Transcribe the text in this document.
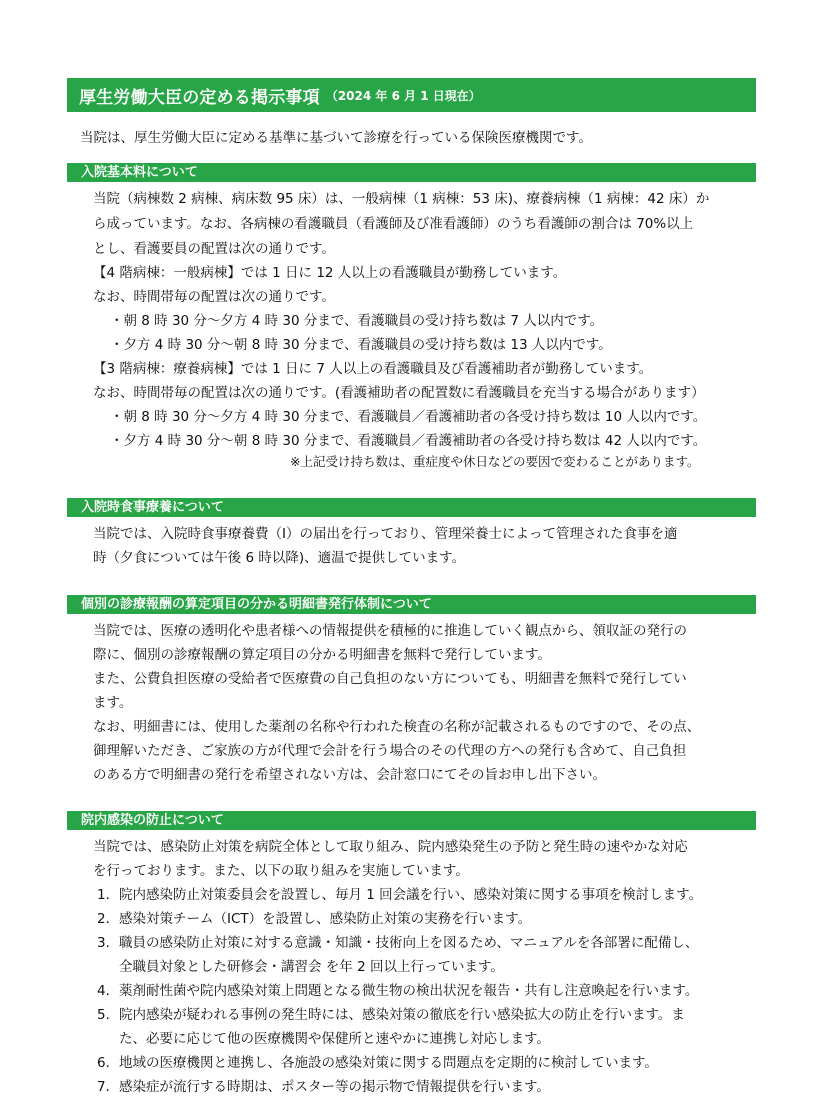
厚生労働大臣の定める掲示事項 （2024 年 6 月 1 日現在）
当院は、厚生労働大臣に定める基準に基づいて診療を行っている保険医療機関です。
入院基本料について
当院（病棟数 2 病棟、病床数 95 床）は、一般病棟（1 病棟：53 床)、療養病棟（1 病棟：42 床）か
ら成っています。なお、各病棟の看護職員（看護師及び准看護師）のうち看護師の割合は 70%以上
とし、看護要員の配置は次の通りです。
【4 階病棟：一般病棟】では 1 日に 12 人以上の看護職員が勤務しています。
なお、時間帯毎の配置は次の通りです。
・朝 8 時 30 分～夕方 4 時 30 分まで、看護職員の受け持ち数は 7 人以内です。
・夕方 4 時 30 分～朝 8 時 30 分まで、看護職員の受け持ち数は 13 人以内です。
【3 階病棟：療養病棟】では 1 日に 7 人以上の看護職員及び看護補助者が勤務しています。
なお、時間帯毎の配置は次の通りです。(看護補助者の配置数に看護職員を充当する場合があります）
・朝 8 時 30 分～夕方 4 時 30 分まで、看護職員／看護補助者の各受け持ち数は 10 人以内です。
・夕方 4 時 30 分～朝 8 時 30 分まで、看護職員／看護補助者の各受け持ち数は 42 人以内です。
※上記受け持ち数は、重症度や休日などの要因で変わることがあります。
入院時食事療養について
当院では、入院時食事療養費（Ⅰ）の届出を行っており、管理栄養士によって管理された食事を適
時（夕食については午後 6 時以降)、適温で提供しています。
個別の診療報酬の算定項目の分かる明細書発行体制について
当院では、医療の透明化や患者様への情報提供を積極的に推進していく観点から、領収証の発行の
際に、個別の診療報酬の算定項目の分かる明細書を無料で発行しています。
また、公費負担医療の受給者で医療費の自己負担のない方についても、明細書を無料で発行してい
ます。
なお、明細書には、使用した薬剤の名称や行われた検査の名称が記載されるものですので、その点、
御理解いただき、ご家族の方が代理で会計を行う場合のその代理の方への発行も含めて、自己負担
のある方で明細書の発行を希望されない方は、会計窓口にてその旨お申し出下さい。
院内感染の防止について
当院では、感染防止対策を病院全体として取り組み、院内感染発生の予防と発生時の速やかな対応
を行っております。また、以下の取り組みを実施しています。
1．院内感染防止対策委員会を設置し、毎月 1 回会議を行い、感染対策に関する事項を検討します。
2．感染対策チーム（ICT）を設置し、感染防止対策の実務を行います。
3．職員の感染防止対策に対する意識・知識・技術向上を図るため、マニュアルを各部署に配備し、
全職員対象とした研修会・講習会 を年 2 回以上行っています。
4．薬剤耐性菌や院内感染対策上問題となる微生物の検出状況を報告・共有し注意喚起を行います。
5．院内感染が疑われる事例の発生時には、感染対策の徹底を行い感染拡大の防止を行います。ま
た、必要に応じて他の医療機関や保健所と速やかに連携し対応します。
6．地域の医療機関と連携し、各施設の感染対策に関する問題点を定期的に検討しています。
7．感染症が流行する時期は、ポスター等の掲示物で情報提供を行います。
